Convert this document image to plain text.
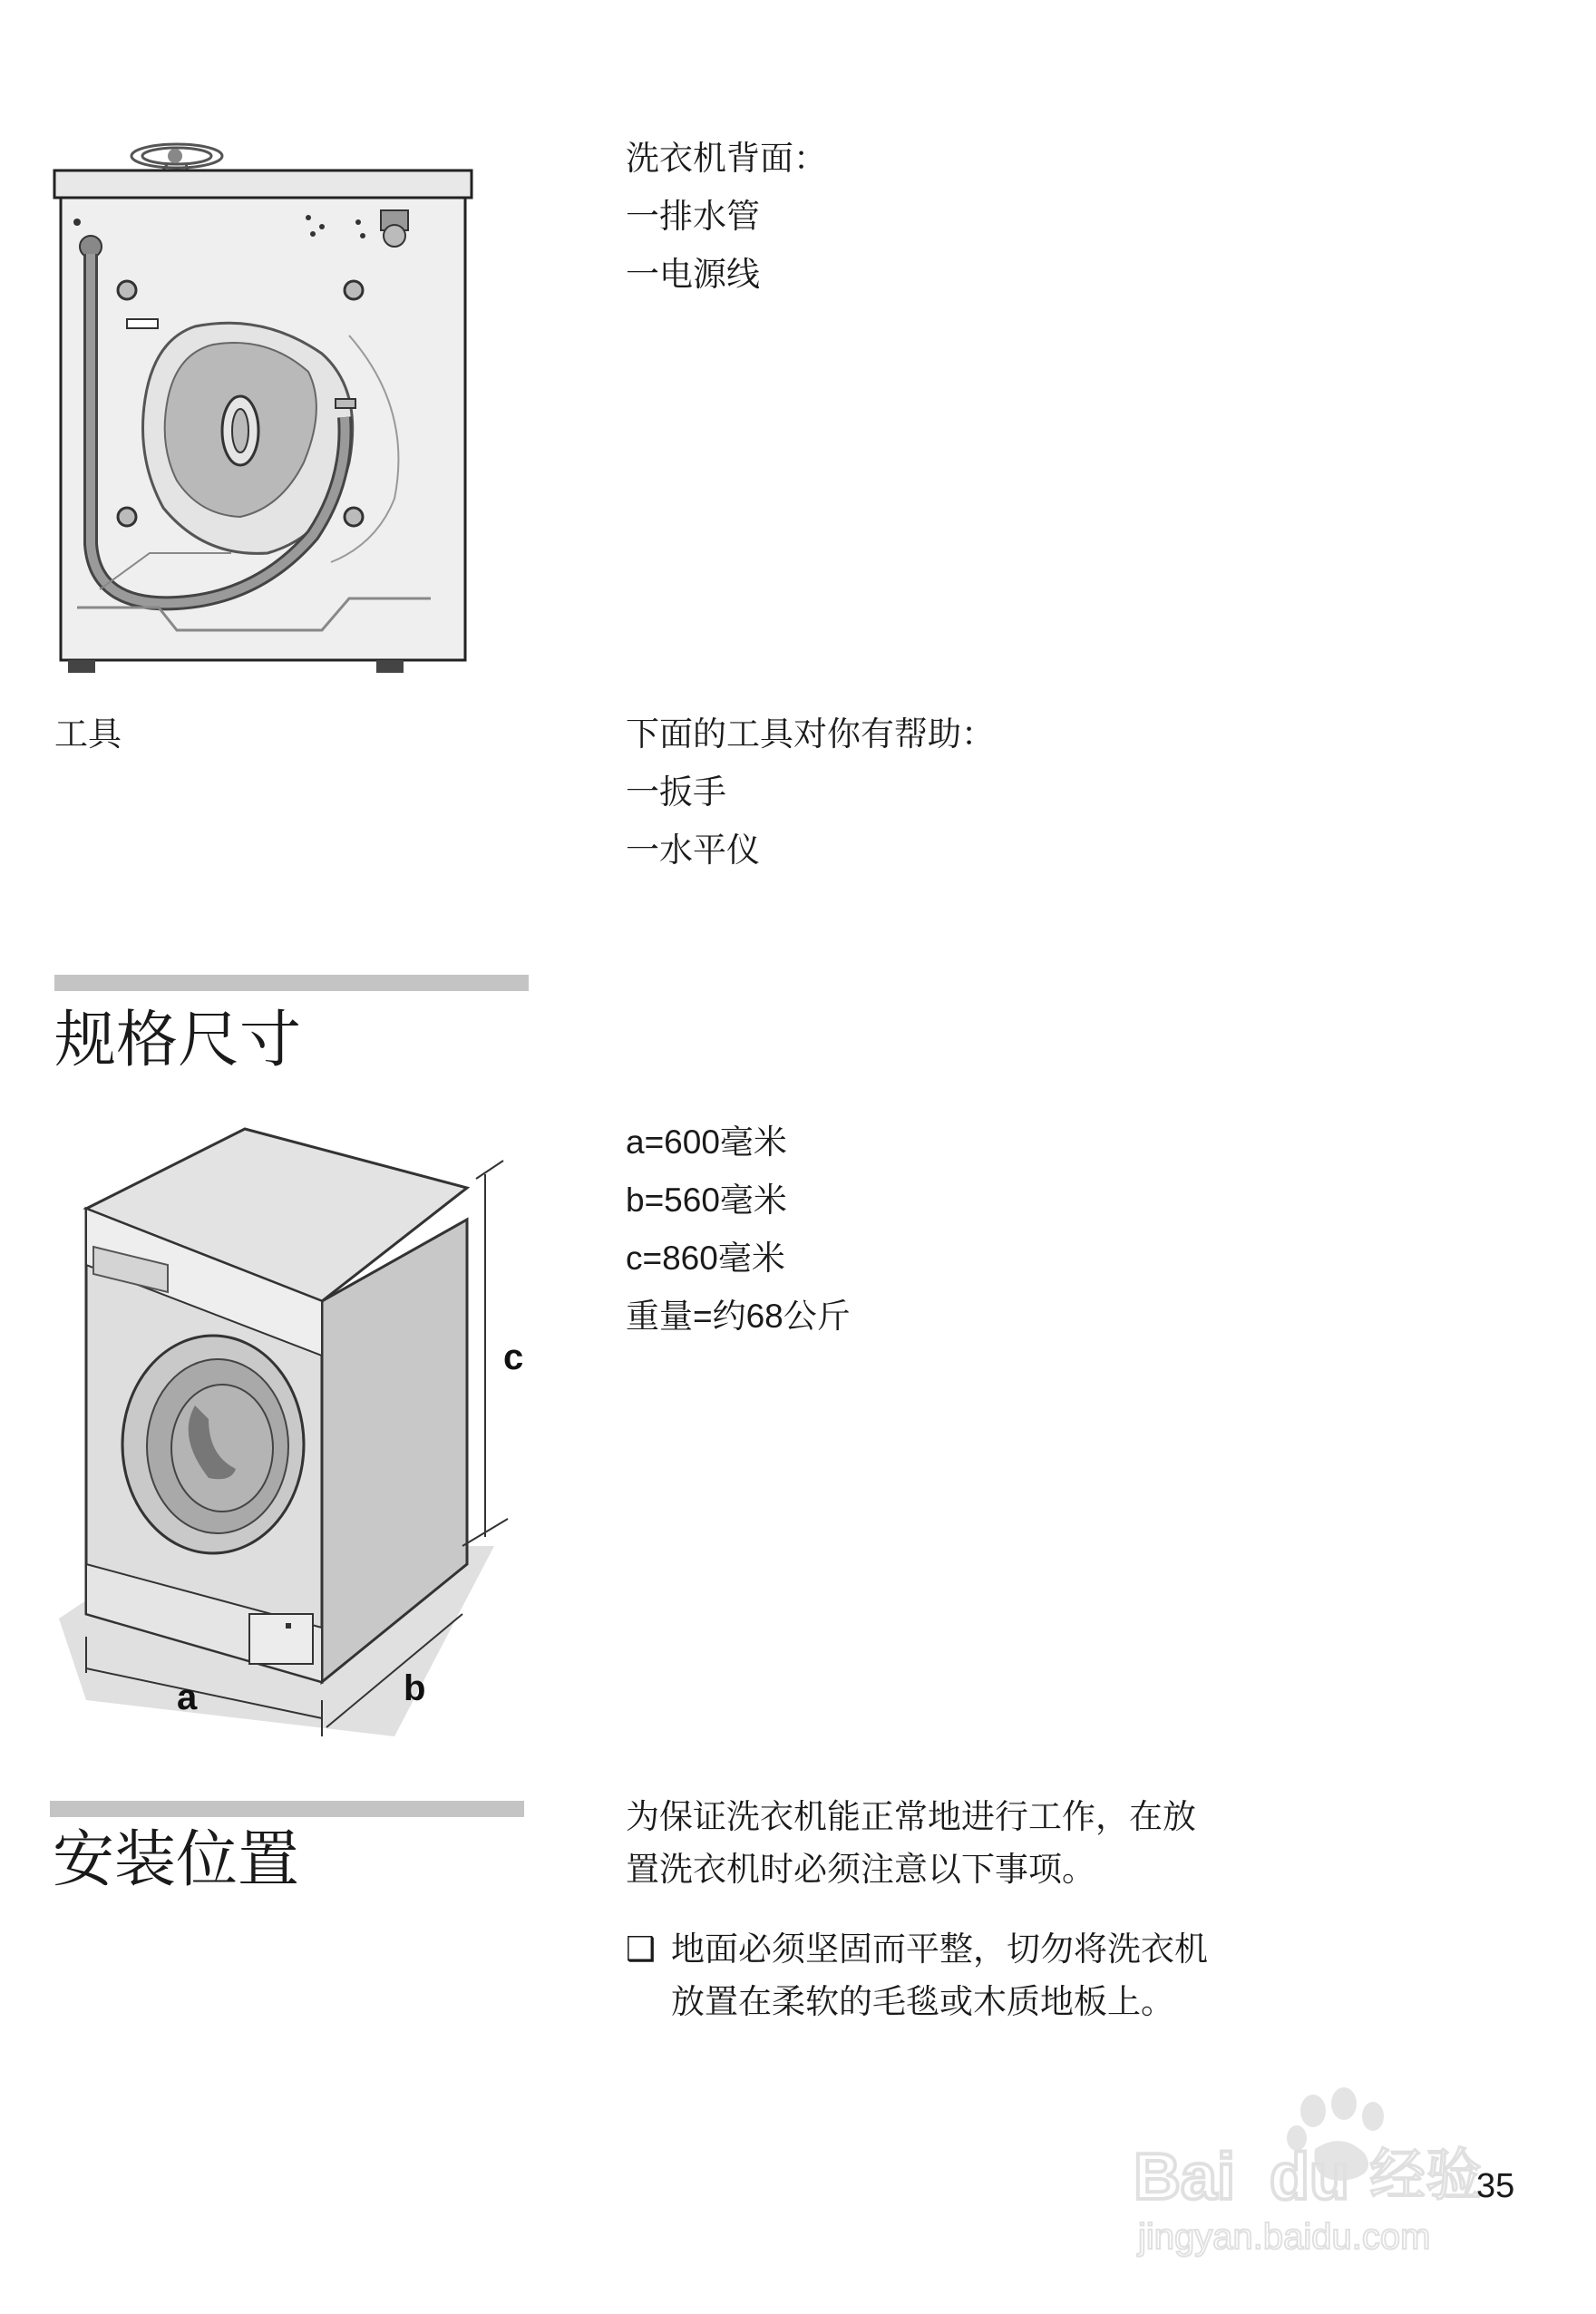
洗衣机背面：
一排水管
一电源线
工具	下面的工具对你有帮助：
一扳手
一水平仪
规格尺寸
c
a	b
a=600毫米
b=560毫米
c=860毫米
重量=约68公斤
安装位置
为保证洗衣机能正常地进行工作，在放
置洗衣机时必须注意以下事项。
❑ 地面必须坚固而平整，切勿将洗衣机
放置在柔软的毛毯或木质地板上。
Bai du 经验
jingyan.baidu.com
35
